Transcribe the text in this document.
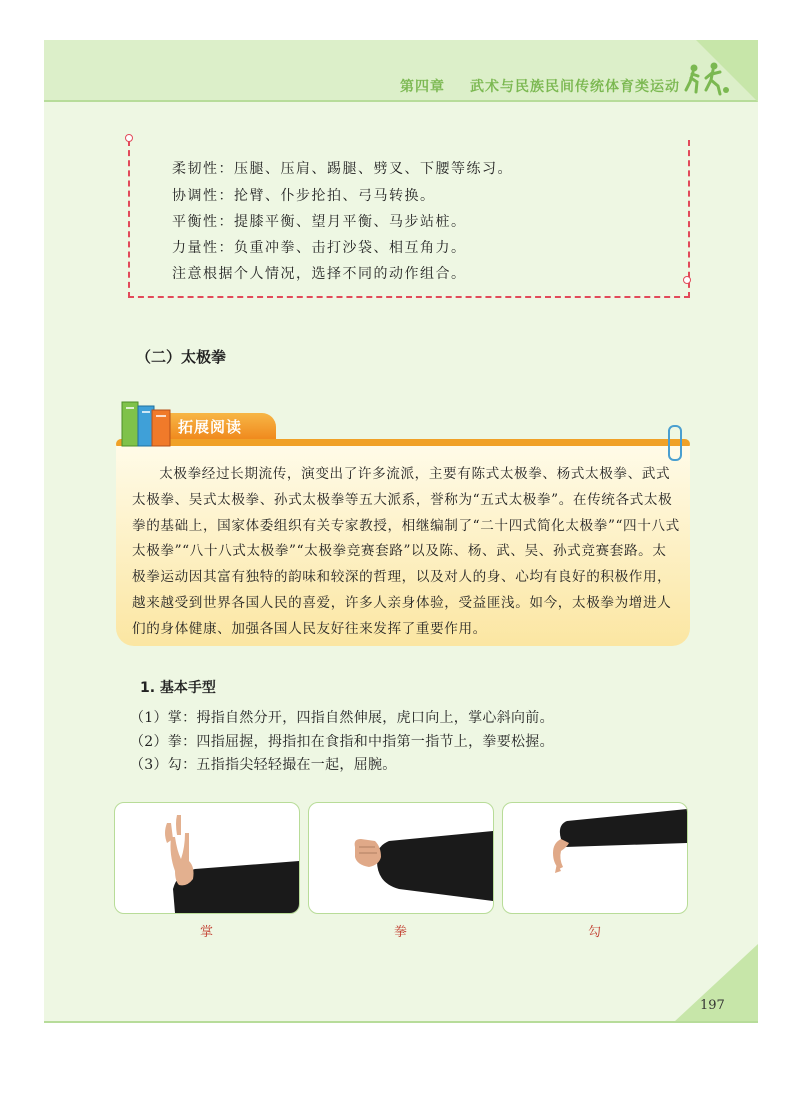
第四章 武术与民族民间传统体育类运动
柔韧性：压腿、压肩、踢腿、劈叉、下腰等练习。
协调性：抡臂、仆步抡拍、弓马转换。
平衡性：提膝平衡、望月平衡、马步站桩。
力量性：负重冲拳、击打沙袋、相互角力。
注意根据个人情况，选择不同的动作组合。
（二）太极拳
拓展阅读

太极拳经过长期流传，演变出了许多流派，主要有陈式太极拳、杨式太极拳、武式太极拳、吴式太极拳、孙式太极拳等五大派系，誉称为“五式太极拳”。在传统各式太极拳的基础上，国家体委组织有关专家教授，相继编制了“二十四式简化太极拳”“四十八式太极拳”“八十八式太极拳”“太极拳竞赛套路”以及陈、杨、武、吴、孙式竞赛套路。太极拳运动因其富有独特的韵味和较深的哲理，以及对人的身、心均有良好的积极作用，越来越受到世界各国人民的喜爱，许多人亲身体验，受益匪浅。如今，太极拳为增进人们的身体健康、加强各国人民友好往来发挥了重要作用。

1. 基本手型
（1）掌：拇指自然分开，四指自然伸展，虎口向上，掌心斜向前。
（2）拳：四指屈握，拇指扣在食指和中指第一指节上，拳要松握。
（3）勾：五指指尖轻轻撮在一起，屈腕。
掌	拳	勾
197
